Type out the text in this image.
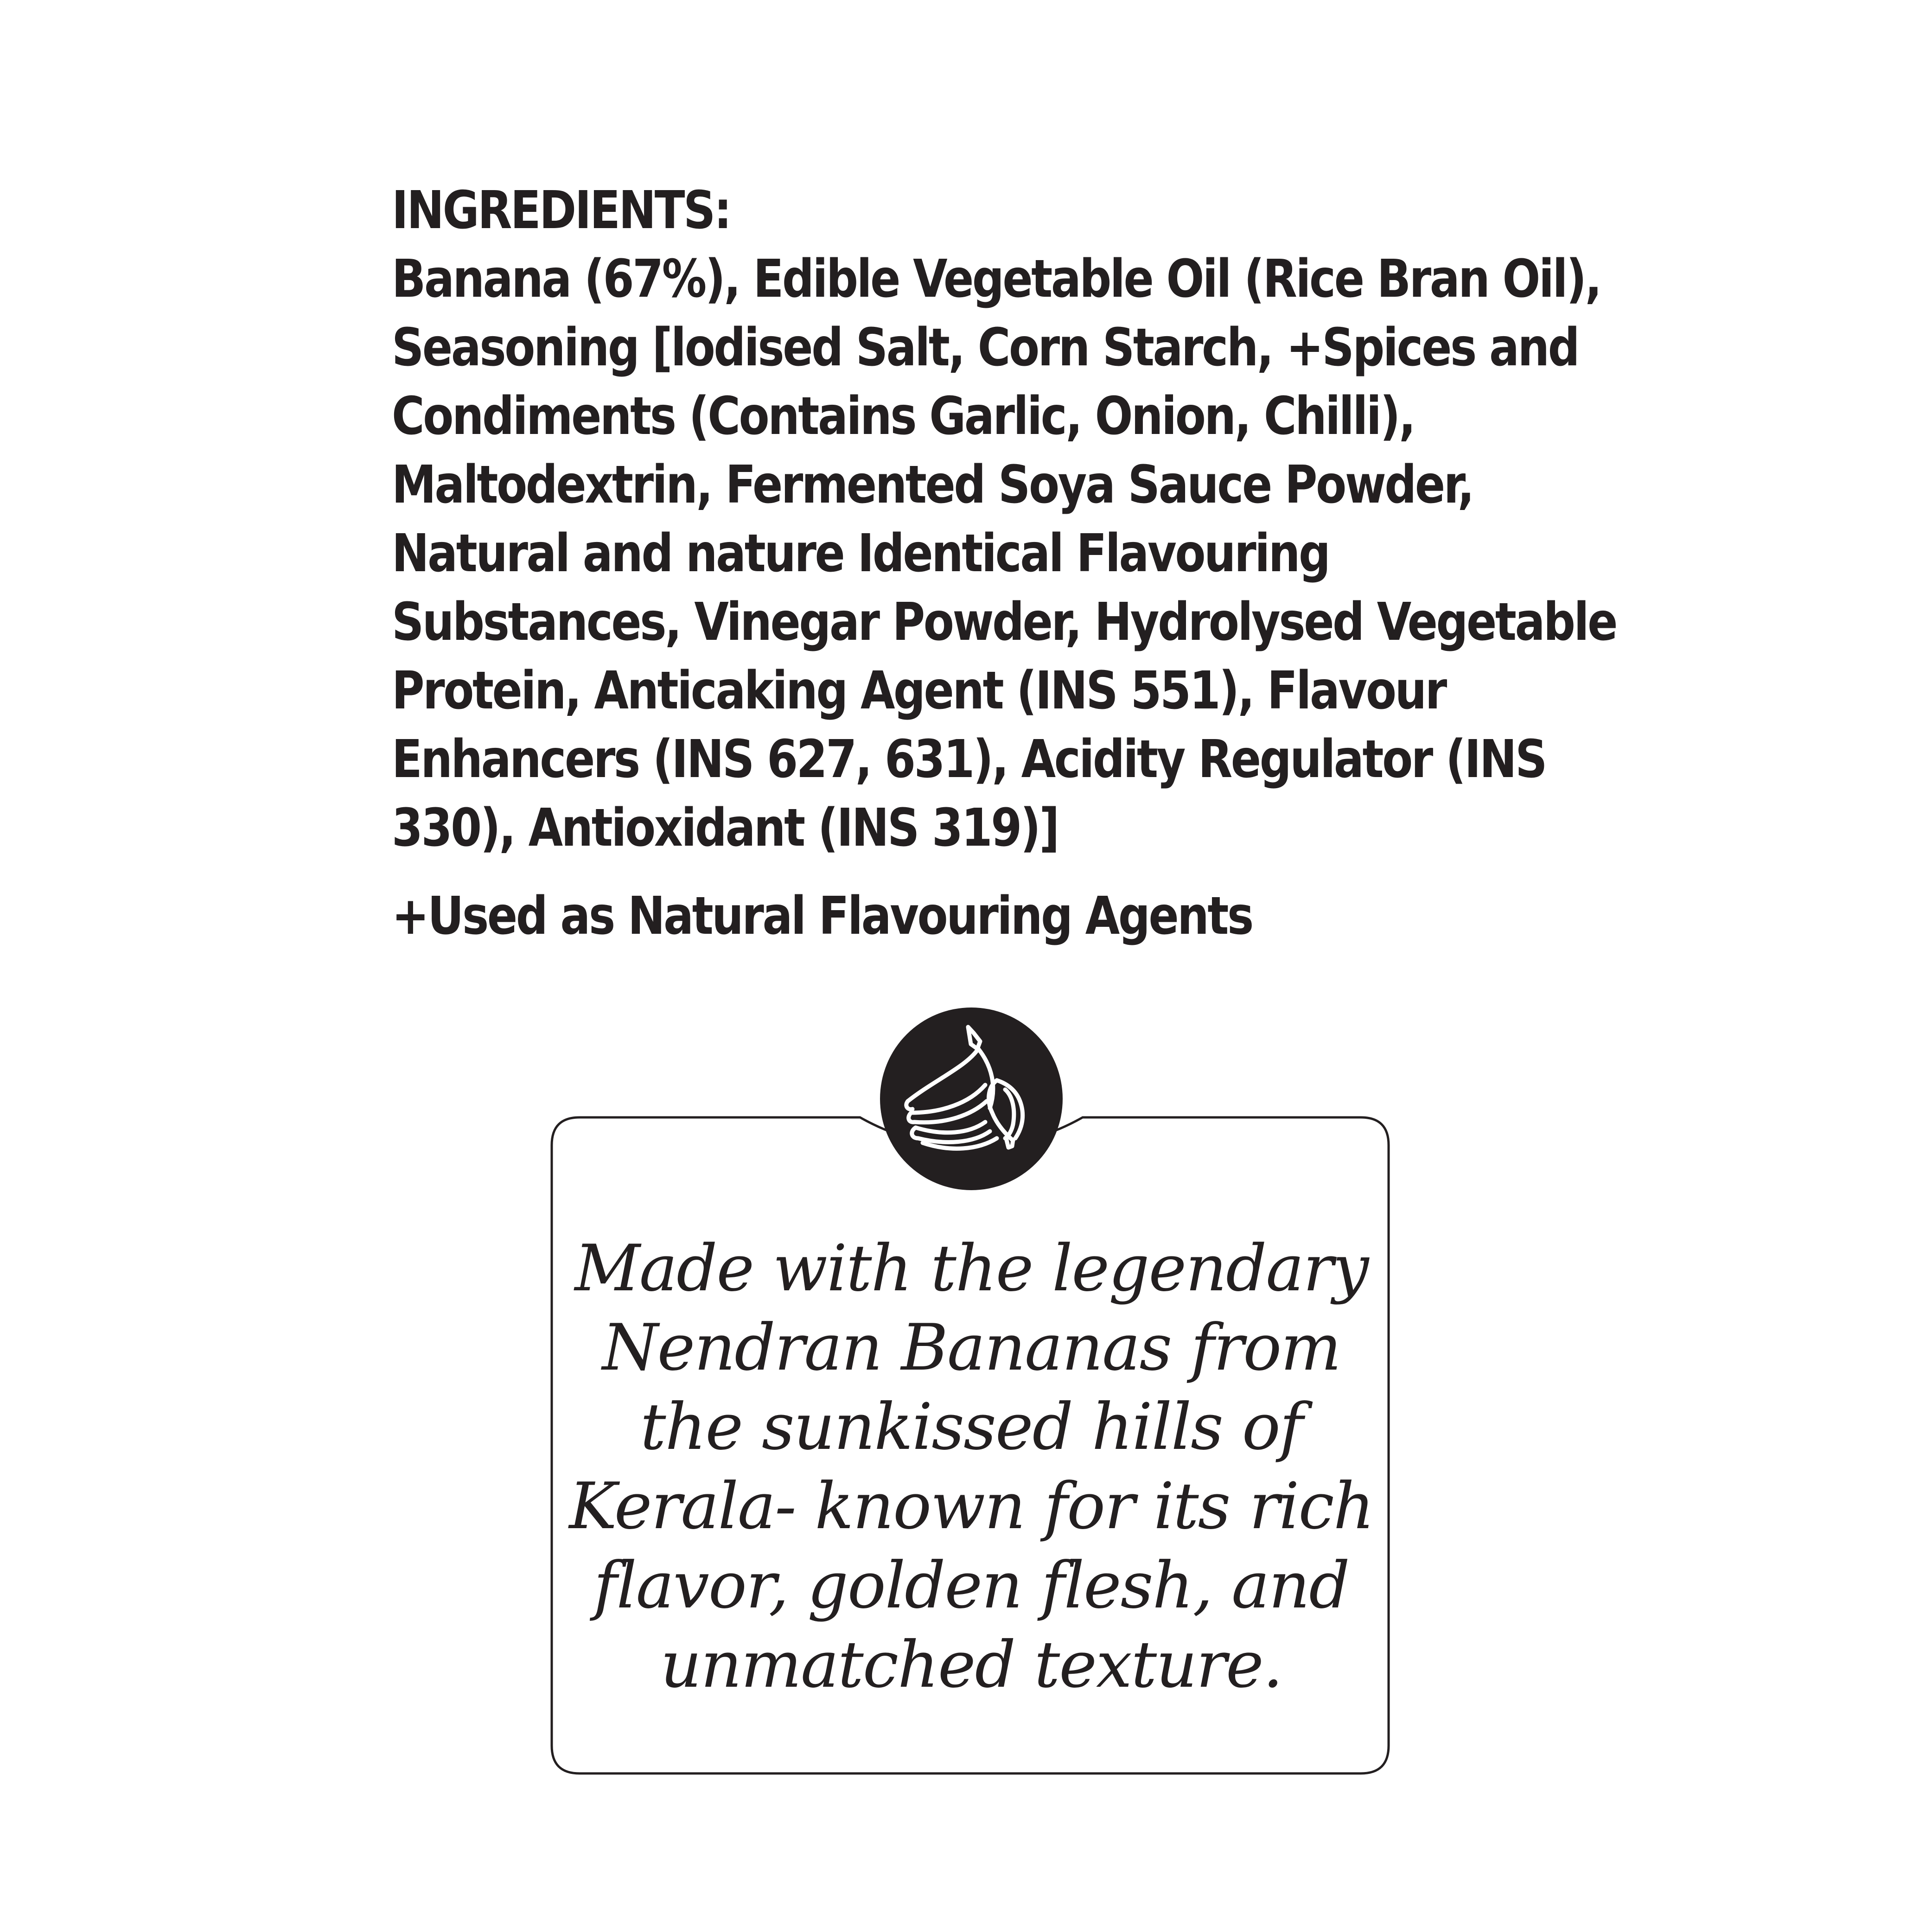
INGREDIENTS:
Banana (67%), Edible Vegetable Oil (Rice Bran Oil),
Seasoning [lodised Salt, Corn Starch, +Spices and
Condiments (Contains Garlic, Onion, Chilli),
Maltodextrin, Fermented Soya Sauce Powder,
Natural and nature Identical Flavouring
Substances, Vinegar Powder, Hydrolysed Vegetable
Protein, Anticaking Agent (INS 551), Flavour
Enhancers (INS 627, 631), Acidity Regulator (INS
330), Antioxidant (INS 319)]
+Used as Natural Flavouring Agents
Made with the legendary
Nendran Bananas from
the sunkissed hills of
Kerala- known for its rich
flavor, golden flesh, and
unmatched texture.
